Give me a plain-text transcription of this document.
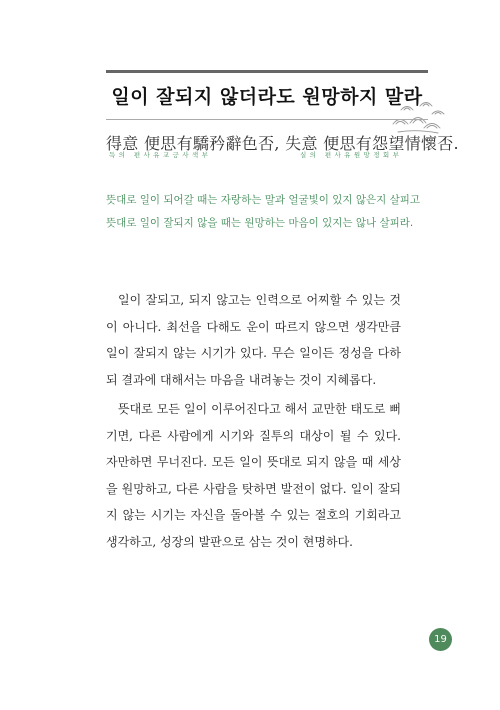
일이 잘되지 않더라도 원망하지 말라
得意 便思有驕矜辭色否, 失意 便思有怨望情懷否.
득의 편사유교긍사색부	실의 편사유원망정회부
뜻대로 일이 되어갈 때는 자랑하는 말과 얼굴빛이 있지 않은지 살피고
뜻대로 일이 잘되지 않을 때는 원망하는 마음이 있지는 않나 살피라.

일이 잘되고, 되지 않고는 인력으로 어찌할 수 있는 것이 아니다. 최선을 다해도 운이 따르지 않으면 생각만큼 일이 잘되지 않는 시기가 있다. 무슨 일이든 정성을 다하되 결과에 대해서는 마음을 내려놓는 것이 지혜롭다.

뜻대로 모든 일이 이루어진다고 해서 교만한 태도로 뻐기면, 다른 사람에게 시기와 질투의 대상이 될 수 있다. 자만하면 무너진다. 모든 일이 뜻대로 되지 않을 때 세상을 원망하고, 다른 사람을 탓하면 발전이 없다. 일이 잘되지 않는 시기는 자신을 돌아볼 수 있는 절호의 기회라고 생각하고, 성장의 발판으로 삼는 것이 현명하다.

19
